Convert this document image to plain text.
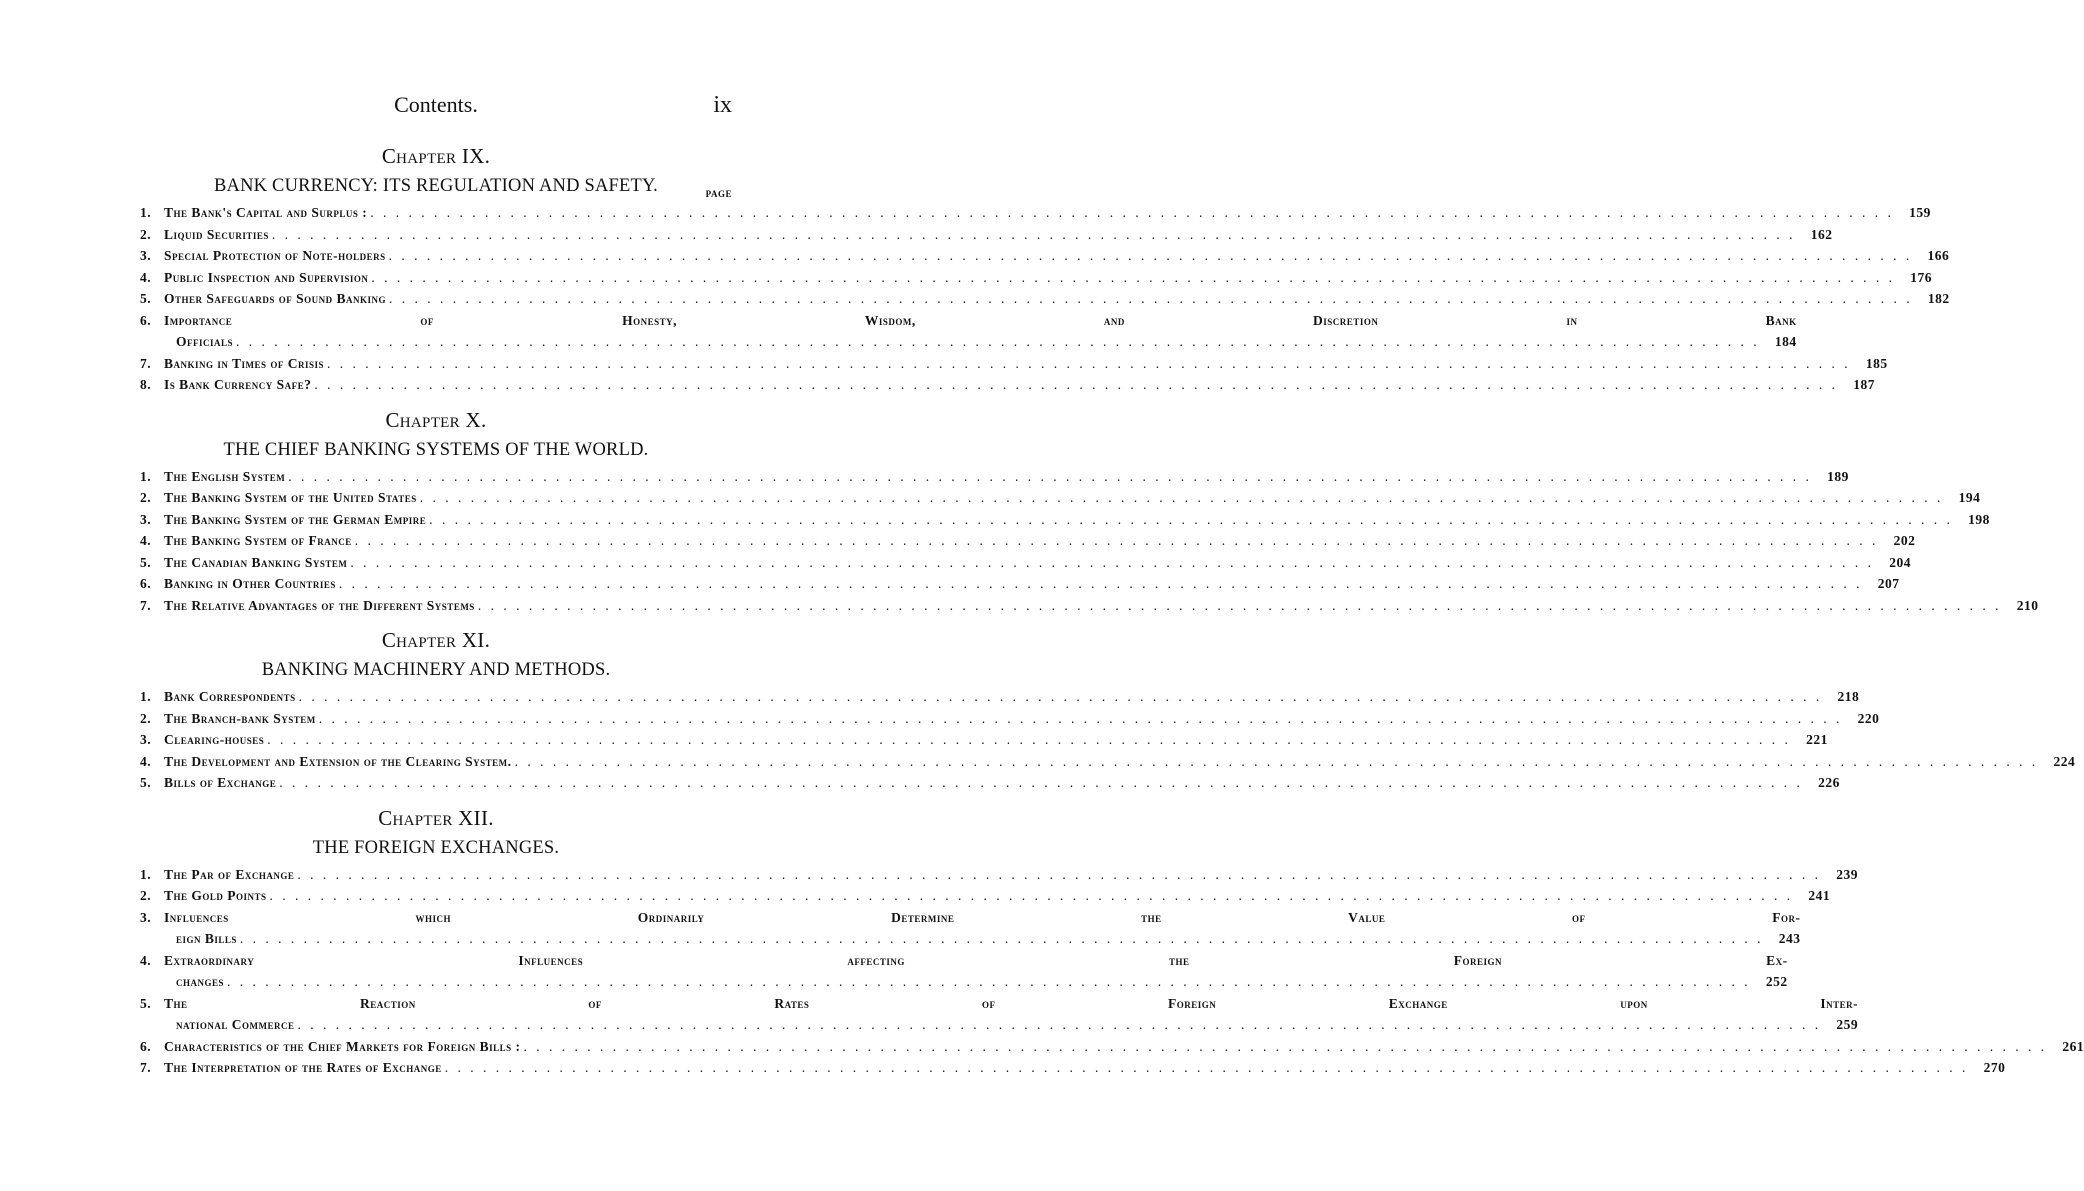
Contents.	ix
Chapter IX.
BANK CURRENCY: ITS REGULATION AND SAFETY.	PAGE
1. The Bank's Capital and Surplus : . . . . . . . . . . . . . . . . . . . . . . . . . . . . . . . . . . . . . . . . . . . . . . . . . . . . . . . . . . . . . . . . . . . . . . . . . . . . . . . . . . . . . . . . . . . . . . . . . . . . . . . . . . . . . . . . . . . . . . . .	159
2. Liquid Securities . . . . . . . . . . . . . . . . . . . . . . . . . . . . . . . . . . . . . . . . . . . . . . . . . . . . . . . . . . . . . . . . . . . . . . . . . . . . . . . . . . . . . . . . . . . . . . . . . . . . . . . . . . . . . . . . . . . . . . . .	162
3. Special Protection of Note-holders . . . . . . . . . . . . . . . . . . . . . . . . . . . . . . . . . . . . . . . . . . . . . . . . . . . . . . . . . . . . . . . . . . . . . . . . . . . . . . . . . . . . . . . . . . . . . . . . . . . . . . . . . . . . . . . . . . . . . . . .	166
4. Public Inspection and Supervision . . . . . . . . . . . . . . . . . . . . . . . . . . . . . . . . . . . . . . . . . . . . . . . . . . . . . . . . . . . . . . . . . . . . . . . . . . . . . . . . . . . . . . . . . . . . . . . . . . . . . . . . . . . . . . . . . . . . . . . .	176
5. Other Safeguards of Sound Banking . . . . . . . . . . . . . . . . . . . . . . . . . . . . . . . . . . . . . . . . . . . . . . . . . . . . . . . . . . . . . . . . . . . . . . . . . . . . . . . . . . . . . . . . . . . . . . . . . . . . . . . . . . . . . . . . . . . . . . . .	182
6. Importance of Honesty, Wisdom, and Discretion in Bank
Officials . . . . . . . . . . . . . . . . . . . . . . . . . . . . . . . . . . . . . . . . . . . . . . . . . . . . . . . . . . . . . . . . . . . . . . . . . . . . . . . . . . . . . . . . . . . . . . . . . . . . . . . . . . . . . . . . . . . . . . . .	184
7. Banking in Times of Crisis . . . . . . . . . . . . . . . . . . . . . . . . . . . . . . . . . . . . . . . . . . . . . . . . . . . . . . . . . . . . . . . . . . . . . . . . . . . . . . . . . . . . . . . . . . . . . . . . . . . . . . . . . . . . . . . . . . . . . . . .	185
8. Is Bank Currency Safe? . . . . . . . . . . . . . . . . . . . . . . . . . . . . . . . . . . . . . . . . . . . . . . . . . . . . . . . . . . . . . . . . . . . . . . . . . . . . . . . . . . . . . . . . . . . . . . . . . . . . . . . . . . . . . . . . . . . . . . . .	187
Chapter X.
THE CHIEF BANKING SYSTEMS OF THE WORLD.
1. The English System . . . . . . . . . . . . . . . . . . . . . . . . . . . . . . . . . . . . . . . . . . . . . . . . . . . . . . . . . . . . . . . . . . . . . . . . . . . . . . . . . . . . . . . . . . . . . . . . . . . . . . . . . . . . . . . . . . . . . . . .	189
2. The Banking System of the United States . . . . . . . . . . . . . . . . . . . . . . . . . . . . . . . . . . . . . . . . . . . . . . . . . . . . . . . . . . . . . . . . . . . . . . . . . . . . . . . . . . . . . . . . . . . . . . . . . . . . . . . . . . . . . . . . . . . . . . . .	194
3. The Banking System of the German Empire . . . . . . . . . . . . . . . . . . . . . . . . . . . . . . . . . . . . . . . . . . . . . . . . . . . . . . . . . . . . . . . . . . . . . . . . . . . . . . . . . . . . . . . . . . . . . . . . . . . . . . . . . . . . . . . . . . . . . . . .	198
4. The Banking System of France . . . . . . . . . . . . . . . . . . . . . . . . . . . . . . . . . . . . . . . . . . . . . . . . . . . . . . . . . . . . . . . . . . . . . . . . . . . . . . . . . . . . . . . . . . . . . . . . . . . . . . . . . . . . . . . . . . . . . . . .	202
5. The Canadian Banking System . . . . . . . . . . . . . . . . . . . . . . . . . . . . . . . . . . . . . . . . . . . . . . . . . . . . . . . . . . . . . . . . . . . . . . . . . . . . . . . . . . . . . . . . . . . . . . . . . . . . . . . . . . . . . . . . . . . . . . . .	204
6. Banking in Other Countries . . . . . . . . . . . . . . . . . . . . . . . . . . . . . . . . . . . . . . . . . . . . . . . . . . . . . . . . . . . . . . . . . . . . . . . . . . . . . . . . . . . . . . . . . . . . . . . . . . . . . . . . . . . . . . . . . . . . . . . .	207
7. The Relative Advantages of the Different Systems . . . . . . . . . . . . . . . . . . . . . . . . . . . . . . . . . . . . . . . . . . . . . . . . . . . . . . . . . . . . . . . . . . . . . . . . . . . . . . . . . . . . . . . . . . . . . . . . . . . . . . . . . . . . . . . . . . . . . . . .	210
Chapter XI.
BANKING MACHINERY AND METHODS.
1. Bank Correspondents . . . . . . . . . . . . . . . . . . . . . . . . . . . . . . . . . . . . . . . . . . . . . . . . . . . . . . . . . . . . . . . . . . . . . . . . . . . . . . . . . . . . . . . . . . . . . . . . . . . . . . . . . . . . . . . . . . . . . . . .	218
2. The Branch-bank System . . . . . . . . . . . . . . . . . . . . . . . . . . . . . . . . . . . . . . . . . . . . . . . . . . . . . . . . . . . . . . . . . . . . . . . . . . . . . . . . . . . . . . . . . . . . . . . . . . . . . . . . . . . . . . . . . . . . . . . .	220
3. Clearing-houses . . . . . . . . . . . . . . . . . . . . . . . . . . . . . . . . . . . . . . . . . . . . . . . . . . . . . . . . . . . . . . . . . . . . . . . . . . . . . . . . . . . . . . . . . . . . . . . . . . . . . . . . . . . . . . . . . . . . . . . .	221
4. The Development and Extension of the Clearing System. . . . . . . . . . . . . . . . . . . . . . . . . . . . . . . . . . . . . . . . . . . . . . . . . . . . . . . . . . . . . . . . . . . . . . . . . . . . . . . . . . . . . . . . . . . . . . . . . . . . . . . . . . . . . . . . . . . . . . . . .	224
5. Bills of Exchange . . . . . . . . . . . . . . . . . . . . . . . . . . . . . . . . . . . . . . . . . . . . . . . . . . . . . . . . . . . . . . . . . . . . . . . . . . . . . . . . . . . . . . . . . . . . . . . . . . . . . . . . . . . . . . . . . . . . . . . .	226
Chapter XII.
THE FOREIGN EXCHANGES.
1. The Par of Exchange . . . . . . . . . . . . . . . . . . . . . . . . . . . . . . . . . . . . . . . . . . . . . . . . . . . . . . . . . . . . . . . . . . . . . . . . . . . . . . . . . . . . . . . . . . . . . . . . . . . . . . . . . . . . . . . . . . . . . . . .	239
2. The Gold Points . . . . . . . . . . . . . . . . . . . . . . . . . . . . . . . . . . . . . . . . . . . . . . . . . . . . . . . . . . . . . . . . . . . . . . . . . . . . . . . . . . . . . . . . . . . . . . . . . . . . . . . . . . . . . . . . . . . . . . . .	241
3. Influences which Ordinarily Determine the Value of For-
eign Bills . . . . . . . . . . . . . . . . . . . . . . . . . . . . . . . . . . . . . . . . . . . . . . . . . . . . . . . . . . . . . . . . . . . . . . . . . . . . . . . . . . . . . . . . . . . . . . . . . . . . . . . . . . . . . . . . . . . . . . . .	243
4. Extraordinary Influences affecting the Foreign Ex-
changes . . . . . . . . . . . . . . . . . . . . . . . . . . . . . . . . . . . . . . . . . . . . . . . . . . . . . . . . . . . . . . . . . . . . . . . . . . . . . . . . . . . . . . . . . . . . . . . . . . . . . . . . . . . . . . . . . . . . . . . .	252
5. The Reaction of Rates of Foreign Exchange upon Inter-
national Commerce . . . . . . . . . . . . . . . . . . . . . . . . . . . . . . . . . . . . . . . . . . . . . . . . . . . . . . . . . . . . . . . . . . . . . . . . . . . . . . . . . . . . . . . . . . . . . . . . . . . . . . . . . . . . . . . . . . . . . . . .	259
6. Characteristics of the Chief Markets for Foreign Bills : . . . . . . . . . . . . . . . . . . . . . . . . . . . . . . . . . . . . . . . . . . . . . . . . . . . . . . . . . . . . . . . . . . . . . . . . . . . . . . . . . . . . . . . . . . . . . . . . . . . . . . . . . . . . . . . . . . . . . . . .	261
7. The Interpretation of the Rates of Exchange . . . . . . . . . . . . . . . . . . . . . . . . . . . . . . . . . . . . . . . . . . . . . . . . . . . . . . . . . . . . . . . . . . . . . . . . . . . . . . . . . . . . . . . . . . . . . . . . . . . . . . . . . . . . . . . . . . . . . . . .	270
